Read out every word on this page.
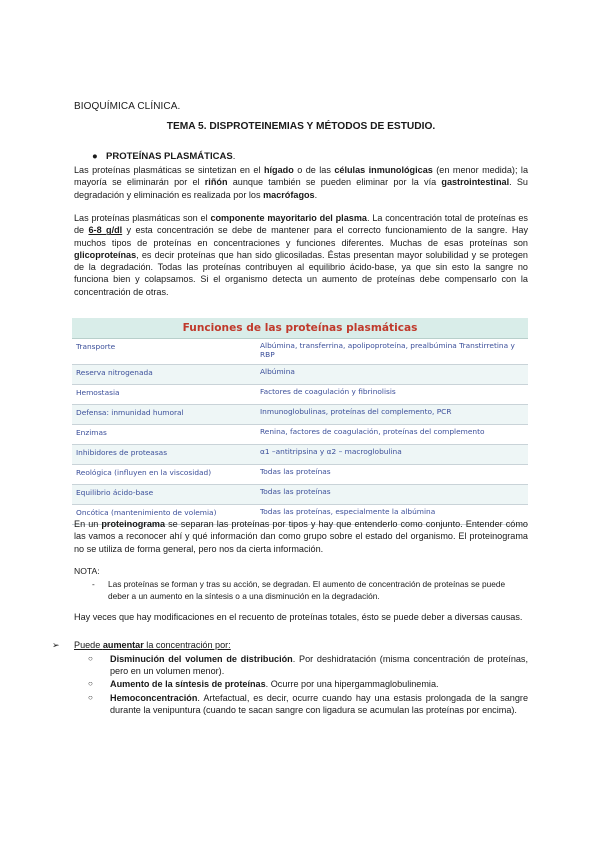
BIOQUÍMICA CLÍNICA.
TEMA 5. DISPROTEINEMIAS Y MÉTODOS DE ESTUDIO.
● PROTEÍNAS PLASMÁTICAS.

Las proteínas plasmáticas se sintetizan en el hígado o de las células inmunológicas (en menor medida); la mayoría se eliminarán por el riñón aunque también se pueden eliminar por la vía gastrointestinal. Su degradación y eliminación es realizada por los macrófagos.

Las proteínas plasmáticas son el componente mayoritario del plasma. La concentración total de proteínas es de 6-8 g/dl y esta concentración se debe de mantener para el correcto funcionamiento de la sangre. Hay muchos tipos de proteínas en concentraciones y funciones diferentes. Muchas de esas proteínas son glicoproteínas, es decir proteínas que han sido glicosiladas. Éstas presentan mayor solubilidad y se protegen de la degradación. Todas las proteínas contribuyen al equilibrio ácido-base, ya que sin esto la sangre no funciona bien y colapsamos. Si el organismo detecta un aumento de proteínas debe compensarlo con la concentración de otras.

Funciones de las proteínas plasmáticas
Transporte	Albúmina, transferrina, apolipoproteína, prealbúmina Transtirretina y RBP
Reserva nitrogenada	Albúmina
Hemostasia	Factores de coagulación y fibrinolisis
Defensa: inmunidad humoral	Inmunoglobulinas, proteínas del complemento, PCR
Enzimas	Renina, factores de coagulación, proteínas del complemento
Inhibidores de proteasas	α1 –antitripsina y α2 – macroglobulina
Reológica (influyen en la viscosidad)	Todas las proteínas
Equilibrio ácido-base	Todas las proteínas
Oncótica (mantenimiento de volemia)	Todas las proteínas, especialmente la albúmina

En un proteinograma se separan las proteínas por tipos y hay que entenderlo como conjunto. Entender cómo las vamos a reconocer ahí y qué información dan como grupo sobre el estado del organismo. El proteinograma no se utiliza de forma general, pero nos da cierta información.

NOTA:
- Las proteínas se forman y tras su acción, se degradan. El aumento de concentración de proteínas se puede deber a un aumento en la síntesis o a una disminución en la degradación.

Hay veces que hay modificaciones en el recuento de proteínas totales, ésto se puede deber a diversas causas.

➢ Puede aumentar la concentración por:
○ Disminución del volumen de distribución. Por deshidratación (misma concentración de proteínas, pero en un volumen menor).
○ Aumento de la síntesis de proteínas. Ocurre por una hipergammaglobulinemia.
○ Hemoconcentración. Artefactual, es decir, ocurre cuando hay una estasis prolongada de la sangre durante la venipuntura (cuando te sacan sangre con ligadura se acumulan las proteínas por encima).
